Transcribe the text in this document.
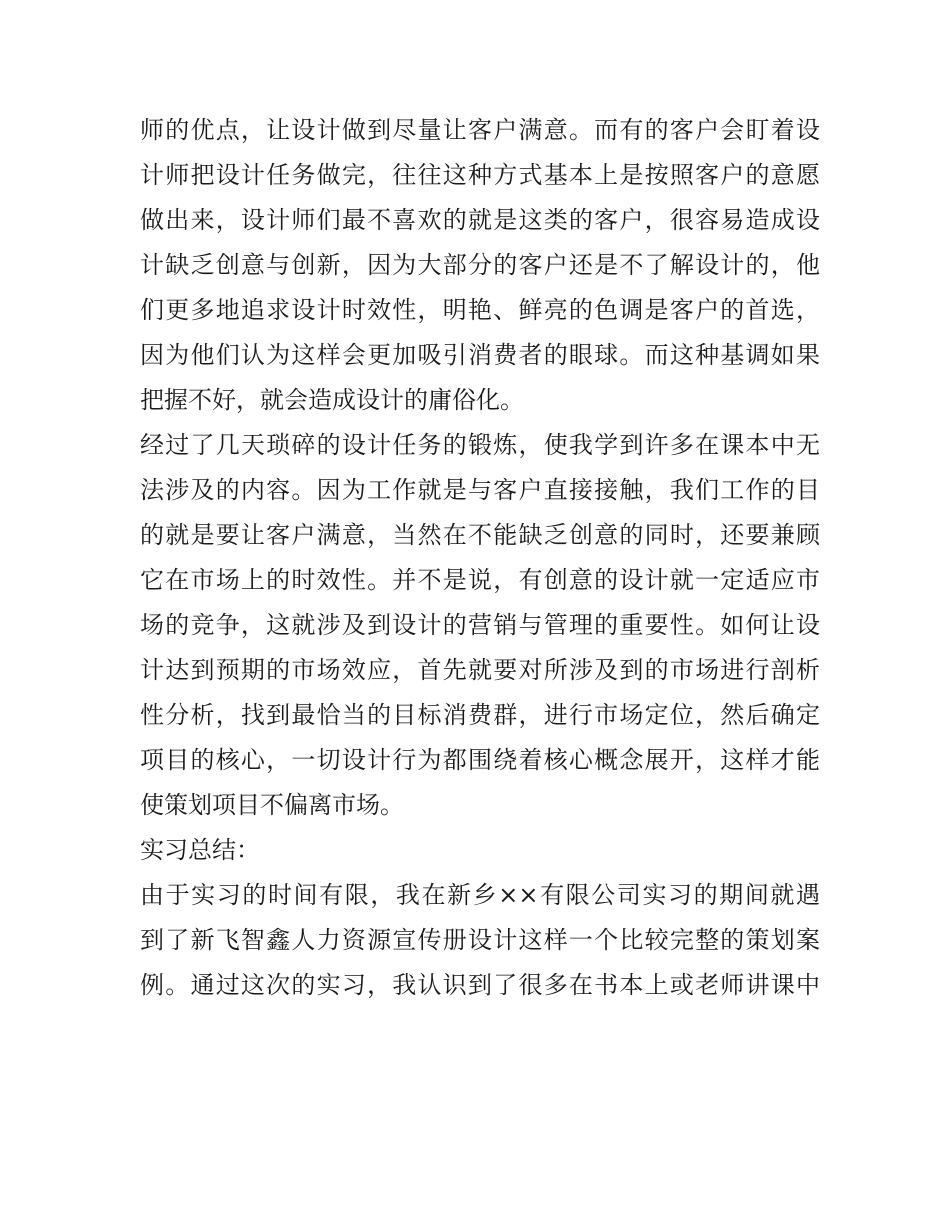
师的优点，让设计做到尽量让客户满意。而有的客户会盯着设
计师把设计任务做完，往往这种方式基本上是按照客户的意愿
做出来，设计师们最不喜欢的就是这类的客户，很容易造成设
计缺乏创意与创新，因为大部分的客户还是不了解设计的，他
们更多地追求设计时效性，明艳、鲜亮的色调是客户的首选，
因为他们认为这样会更加吸引消费者的眼球。而这种基调如果
把握不好，就会造成设计的庸俗化。
经过了几天琐碎的设计任务的锻炼，使我学到许多在课本中无
法涉及的内容。因为工作就是与客户直接接触，我们工作的目
的就是要让客户满意，当然在不能缺乏创意的同时，还要兼顾
它在市场上的时效性。并不是说，有创意的设计就一定适应市
场的竞争，这就涉及到设计的营销与管理的重要性。如何让设
计达到预期的市场效应，首先就要对所涉及到的市场进行剖析
性分析，找到最恰当的目标消费群，进行市场定位，然后确定
项目的核心，一切设计行为都围绕着核心概念展开，这样才能
使策划项目不偏离市场。
实习总结：
由于实习的时间有限，我在新乡××有限公司实习的期间就遇
到了新飞智鑫人力资源宣传册设计这样一个比较完整的策划案
例。通过这次的实习，我认识到了很多在书本上或老师讲课中
